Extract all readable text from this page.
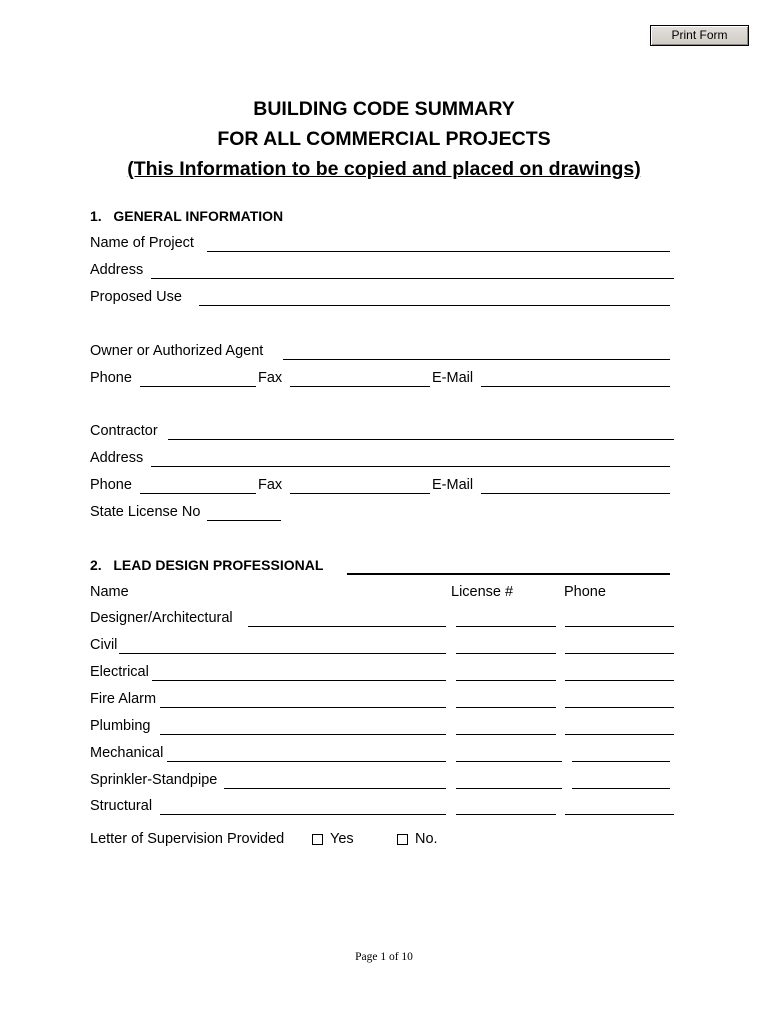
Print Form
BUILDING CODE SUMMARY
FOR ALL COMMERCIAL PROJECTS
(This Information to be copied and placed on drawings)
1.   GENERAL INFORMATION
Name of Project
Address
Proposed Use
Owner or Authorized Agent
Phone	Fax	E-Mail
Contractor
Address
Phone	Fax	E-Mail
State License No
2.   LEAD DESIGN PROFESSIONAL
Name	License #	Phone
Designer/Architectural
Civil
Electrical
Fire Alarm
Plumbing
Mechanical
Sprinkler-Standpipe
Structural
Letter of Supervision Provided	Yes	No.
Page 1 of 10
